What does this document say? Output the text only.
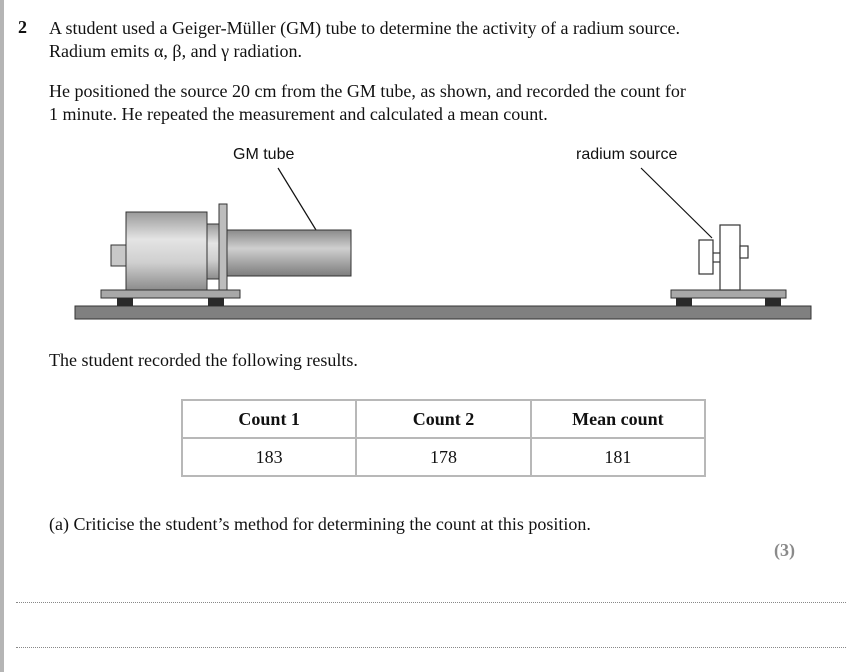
2 A student used a Geiger-Müller (GM) tube to determine the activity of a radium source.
Radium emits α, β, and γ radiation.
He positioned the source 20 cm from the GM tube, as shown, and recorded the count for
1 minute. He repeated the measurement and calculated a mean count.
GM tube	radium source
The student recorded the following results.
Count 1	Count 2	Mean count
183	178	181
(a) Criticise the student’s method for determining the count at this position.
(3)
